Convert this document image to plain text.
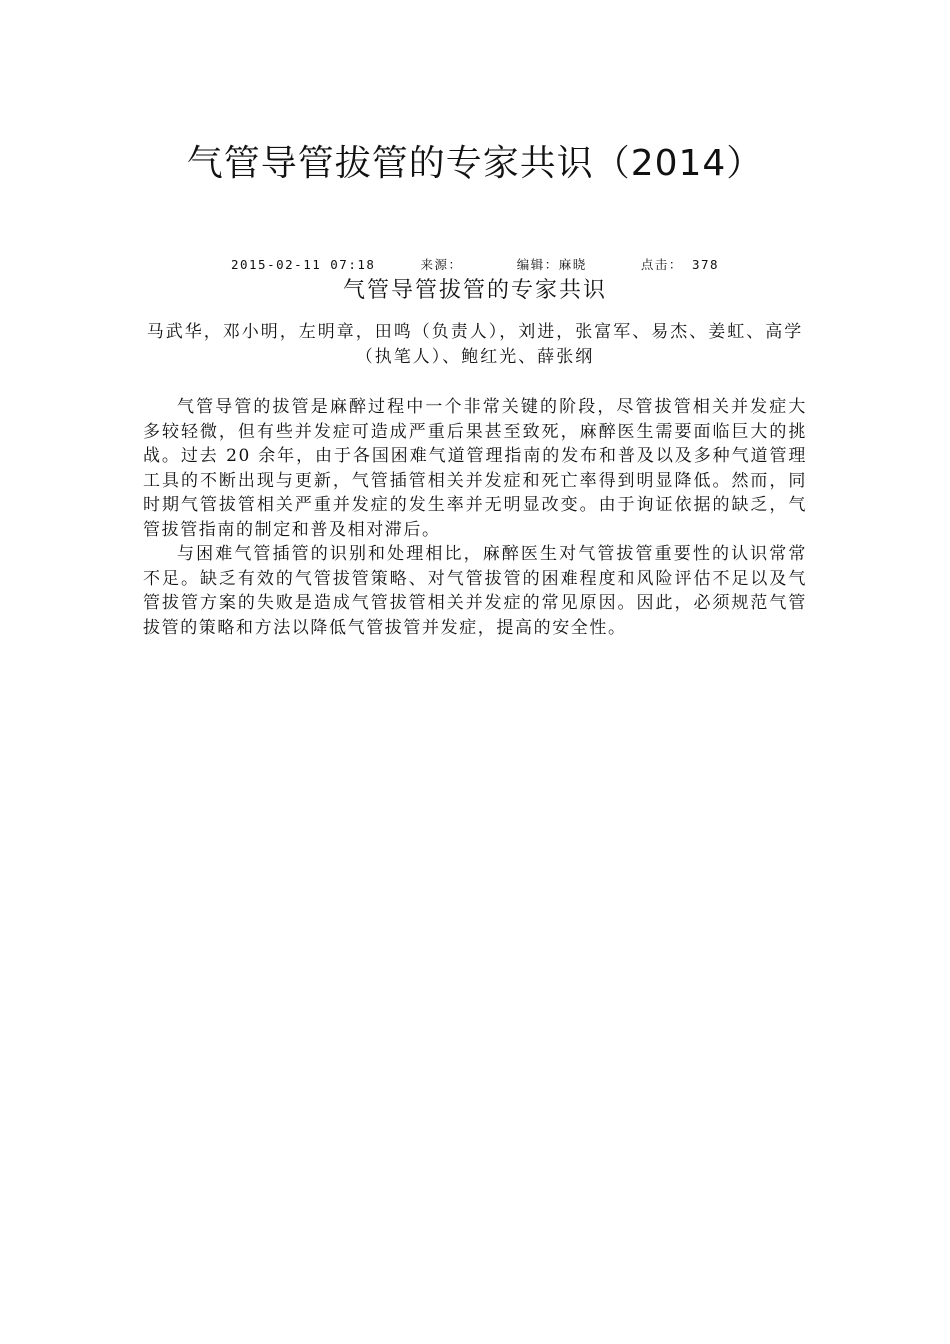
气管导管拔管的专家共识（2014）
2015-02-11 07:18	来源：	编辑：麻晓	点击： 378
气管导管拔管的专家共识
马武华，邓小明，左明章，田鸣（负责人），刘进，张富军、易杰、姜虹、高学（执笔人）、鲍红光、薛张纲

气管导管的拔管是麻醉过程中一个非常关键的阶段，尽管拔管相关并发症大多较轻微，但有些并发症可造成严重后果甚至致死，麻醉医生需要面临巨大的挑战。过去 20 余年，由于各国困难气道管理指南的发布和普及以及多种气道管理工具的不断出现与更新，气管插管相关并发症和死亡率得到明显降低。然而，同时期气管拔管相关严重并发症的发生率并无明显改变。由于询证依据的缺乏，气管拔管指南的制定和普及相对滞后。

与困难气管插管的识别和处理相比，麻醉医生对气管拔管重要性的认识常常不足。缺乏有效的气管拔管策略、对气管拔管的困难程度和风险评估不足以及气管拔管方案的失败是造成气管拔管相关并发症的常见原因。因此，必须规范气管拔管的策略和方法以降低气管拔管并发症，提高的安全性。
